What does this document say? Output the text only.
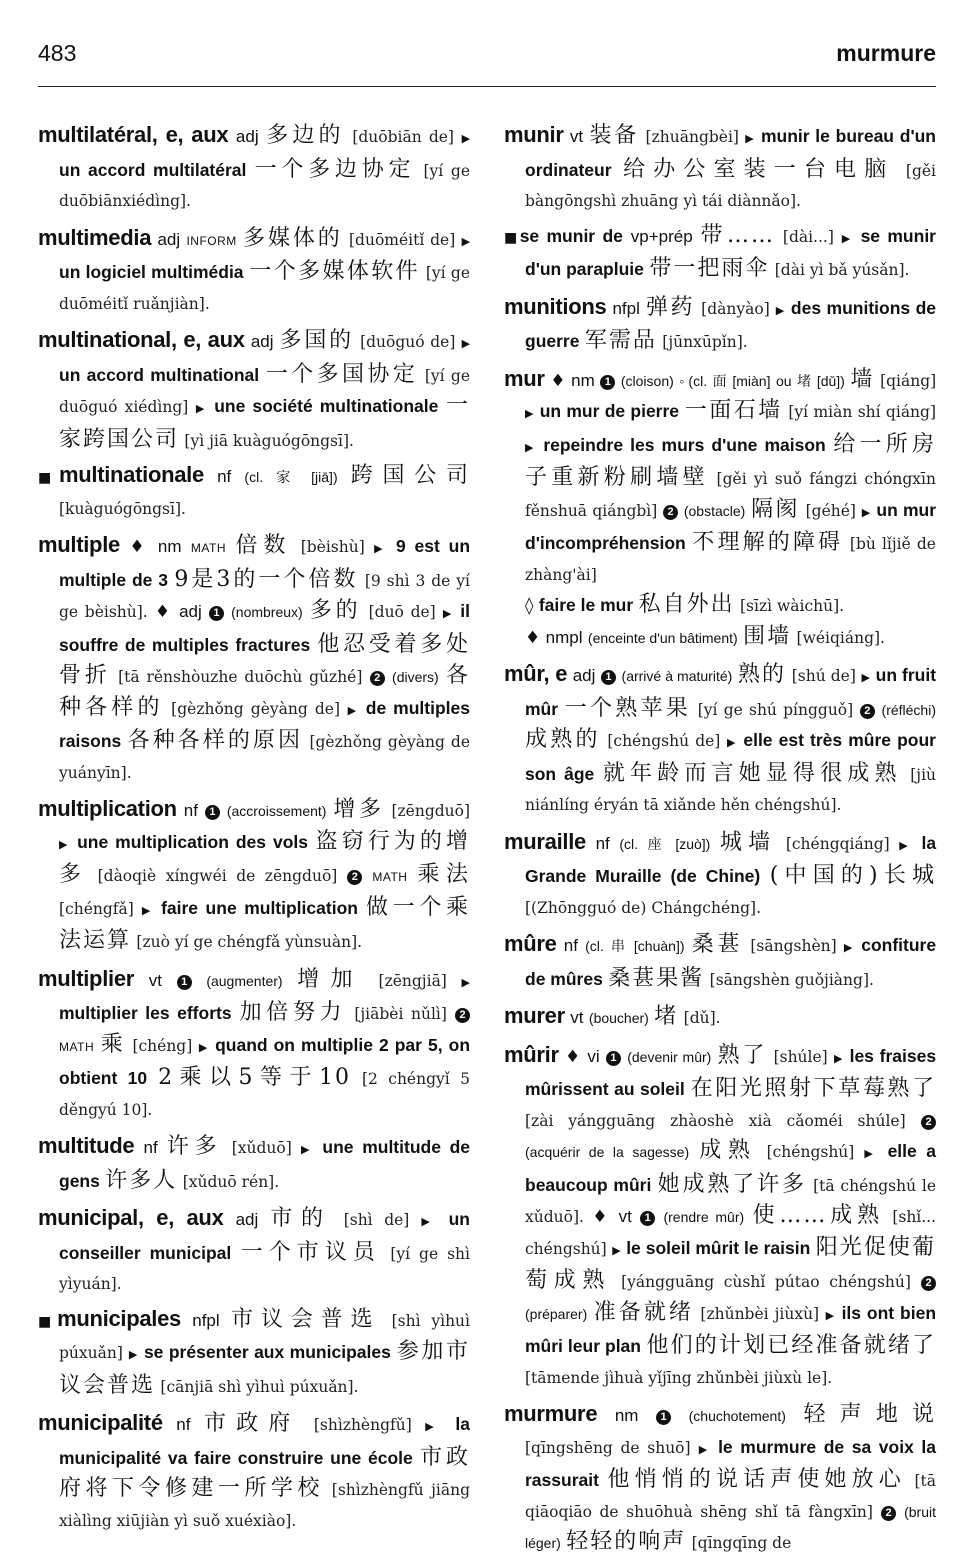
483	murmure

multilatéral, e, aux adj 多边的 [duōbiān de] ▶ un accord multilatéral 一个多边协定 [yí ge duōbiānxiédìng].

multimedia adj INFORM 多媒体的 [duōméitǐ de] ▶ un logiciel multimédia 一个多媒体软件 [yí ge duōméitǐ ruǎnjiàn].

multinational, e, aux adj 多国的 [duōguó de] ▶ un accord multinational 一个多国协定 [yí ge duōguó xiédìng] ▶ une société multinationale 一家跨国公司 [yì jiā kuàguógōngsī].

■multinationale nf (cl. 家 [jiā]) 跨国公司 [kuàguógōngsī].

multiple ♦ nm MATH 倍数 [bèishù] ▶ 9 est un multiple de 3 9是3的一个倍数 [9 shì 3 de yí ge bèishù]. ♦ adj 1 (nombreux) 多的 [duō de] ▶ il souffre de multiples fractures 他忍受着多处骨折 [tā rěnshòuzhe duōchù gǔzhé] 2 (divers) 各种各样的 [gèzhǒng gèyàng de] ▶ de multiples raisons 各种各样的原因 [gèzhǒng gèyàng de yuányīn].

multiplication nf 1 (accroissement) 增多 [zēngduō] ▶ une multiplication des vols 盗窃行为的增多 [dàoqiè xíngwéi de zēngduō] 2 MATH 乘法 [chéngfǎ] ▶ faire une multiplication 做一个乘法运算 [zuò yí ge chéngfǎ yùnsuàn].

multiplier vt 1 (augmenter) 增加 [zēngjiā] ▶ multiplier les efforts 加倍努力 [jiābèi nǔlì] 2 MATH 乘 [chéng] ▶ quand on multiplie 2 par 5, on obtient 10 2乘以5等于10 [2 chéngyǐ 5 děngyú 10].

multitude nf 许多 [xǔduō] ▶ une multitude de gens 许多人 [xǔduō rén].

municipal, e, aux adj 市的 [shì de] ▶ un conseiller municipal 一个市议员 [yí ge shì yìyuán].

■municipales nfpl 市议会普选 [shì yìhuì púxuǎn] ▶ se présenter aux municipales 参加市议会普选 [cānjiā shì yìhuì púxuǎn].

municipalité nf 市政府 [shìzhèngfǔ] ▶ la municipalité va faire construire une école 市政府将下令修建一所学校 [shìzhèngfǔ jiāng xiàlìng xiūjiàn yì suǒ xuéxiào].

munir vt 装备 [zhuāngbèi] ▶ munir le bureau d'un ordinateur 给办公室装一台电脑 [gěi bàngōngshì zhuāng yì tái diànnǎo].

■se munir de vp+prép 带…… [dài...] ▶ se munir d'un parapluie 带一把雨伞 [dài yì bǎ yúsǎn].

munitions nfpl 弹药 [dànyào] ▶ des munitions de guerre 军需品 [jūnxūpǐn].

mur ♦ nm 1 (cloison) ◦ (cl. 面 [miàn] ou 堵 [dǔ]) 墙 [qiáng] ▶ un mur de pierre 一面石墙 [yí miàn shí qiáng] ▶ repeindre les murs d'une maison 给一所房子重新粉刷墙壁 [gěi yì suǒ fángzi chóngxīn fěnshuā qiángbì] 2 (obstacle) 隔阂 [géhé] ▶ un mur d'incompréhension 不理解的障碍 [bù lǐjiě de zhàng'ài]
◊ faire le mur 私自外出 [sīzì wàichū].
♦ nmpl (enceinte d'un bâtiment) 围墙 [wéiqiáng].

mûr, e adj 1 (arrivé à maturité) 熟的 [shú de] ▶ un fruit mûr 一个熟苹果 [yí ge shú píngguǒ] 2 (réfléchi) 成熟的 [chéngshú de] ▶ elle est très mûre pour son âge 就年龄而言她显得很成熟 [jiù niánlíng éryán tā xiǎnde hěn chéngshú].

muraille nf (cl. 座 [zuò]) 城墙 [chéngqiáng] ▶ la Grande Muraille (de Chine) (中国的)长城 [(Zhōngguó de) Chángchéng].

mûre nf (cl. 串 [chuàn]) 桑葚 [sāngshèn] ▶ confiture de mûres 桑葚果酱 [sāngshèn guǒjiàng].

murer vt (boucher) 堵 [dǔ].

mûrir ♦ vi 1 (devenir mûr) 熟了 [shúle] ▶ les fraises mûrissent au soleil 在阳光照射下草莓熟了 [zài yángguāng zhàoshè xià cǎoméi shúle] 2 (acquérir de la sagesse) 成熟 [chéngshú] ▶ elle a beaucoup mûri 她成熟了许多 [tā chéngshú le xǔduō]. ♦ vt 1 (rendre mûr) 使……成熟 [shǐ... chéngshú] ▶ le soleil mûrit le raisin 阳光促使葡萄成熟 [yángguāng cùshǐ pútao chéngshú] 2 (préparer) 准备就绪 [zhǔnbèi jiùxù] ▶ ils ont bien mûri leur plan 他们的计划已经准备就绪了 [tāmende jìhuà yǐjīng zhǔnbèi jiùxù le].

murmure nm 1 (chuchotement) 轻声地说 [qīngshēng de shuō] ▶ le murmure de sa voix la rassurait 他悄悄的说话声使她放心 [tā qiāoqiāo de shuōhuà shēng shǐ tā fàngxīn] 2 (bruit léger) 轻轻的响声 [qīngqīng de
